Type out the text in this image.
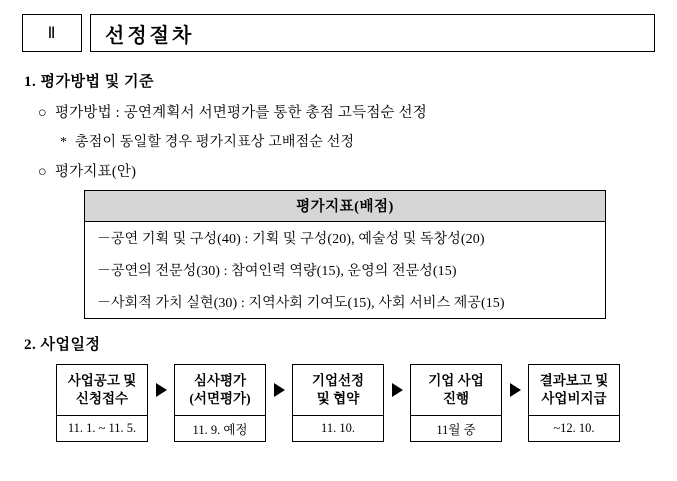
Ⅱ	선정절차
1. 평가방법 및 기준
○ 평가방법 : 공연계획서 서면평가를 통한 총점 고득점순 선정
* 총점이 동일할 경우 평가지표상 고배점순 선정
○ 평가지표(안)
평가지표(배점)
－공연 기획 및 구성(40) : 기획 및 구성(20), 예술성 및 독창성(20)
－공연의 전문성(30) : 참여인력 역량(15), 운영의 전문성(15)
－사회적 가치 실현(30) : 지역사회 기여도(15), 사회 서비스 제공(15)
2. 사업일정
사업공고 및
신청접수
11. 1. ~ 11. 5.
심사평가
(서면평가)
11. 9. 예정
기업선정
및 협약
11. 10.
기업 사업
진행
11월 중
결과보고 및
사업비지급
~12. 10.
